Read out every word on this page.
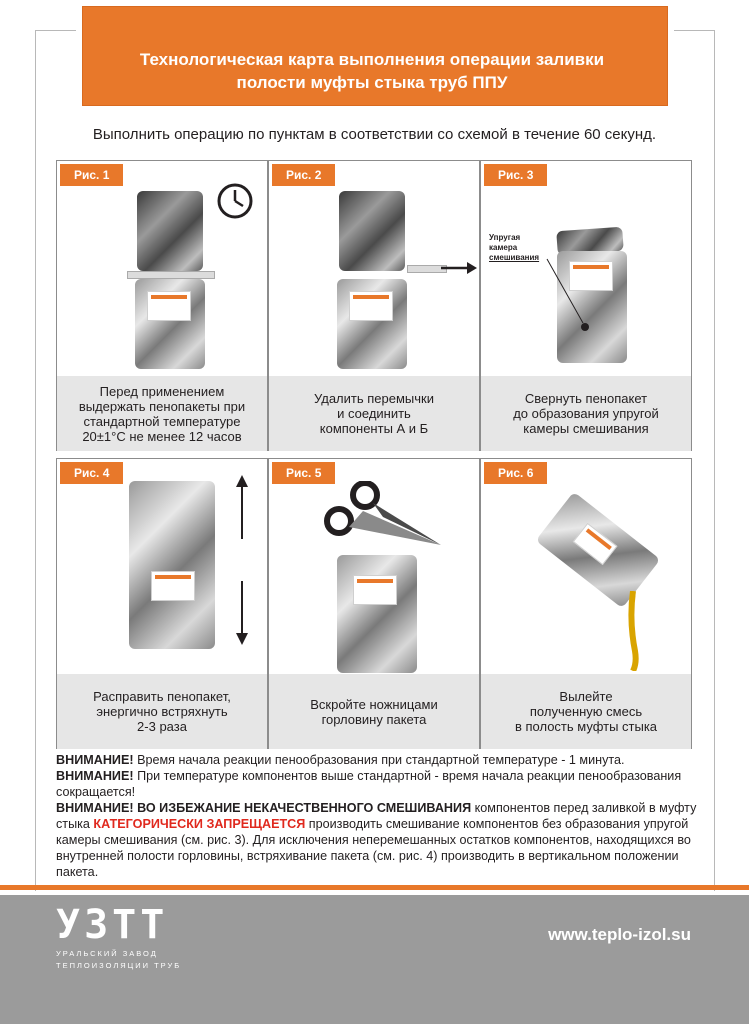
Технологическая карта выполнения операции заливки
полости муфты стыка труб ППУ
Выполнить операцию по пунктам в соответствии со схемой в течение 60 секунд.
Рис. 1
Перед применением
выдержать пенопакеты при
стандартной температуре
20±1°С не менее 12 часов
Рис. 2
Удалить перемычки
и соединить
компоненты А и Б
Упругая
камера
смешивания
Рис. 3
Свернуть пенопакет
до образования упругой
камеры смешивания
Рис. 4
Расправить пенопакет,
энергично встряхнуть
2-3 раза
Рис. 5
Вскройте ножницами
горловину пакета
Рис. 6
Вылейте
полученную смесь
в полость муфты стыка

ВНИМАНИЕ! Время начала реакции пенообразования при стандартной температуре - 1 минута.

ВНИМАНИЕ! При температуре компонентов выше стандартной - время начала реакции пенообразования сокращается!

ВНИМАНИЕ! ВО ИЗБЕЖАНИЕ НЕКАЧЕСТВЕННОГО СМЕШИВАНИЯ компонентов перед заливкой в муфту стыка КАТЕГОРИЧЕСКИ ЗАПРЕЩАЕТСЯ производить смешивание компонентов без образования упругой камеры смешивания (см. рис. 3). Для исключения неперемешанных остатков компонентов, находящихся во внутренней полости горловины, встряхивание пакета (см. рис. 4) производить в вертикальном положении пакета.

УЗТТ
УРАЛЬСКИЙ ЗАВОД
ТЕПЛОИЗОЛЯЦИИ ТРУБ
www.teplo-izol.su
